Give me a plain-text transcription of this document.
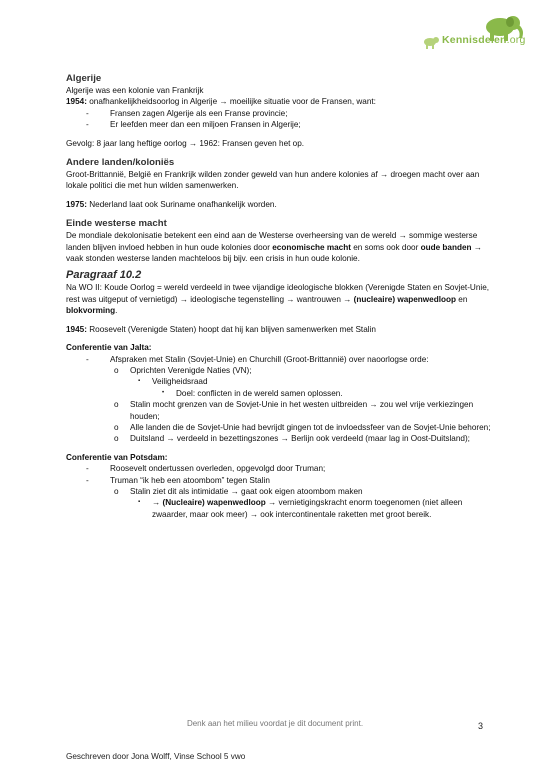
Kennisdelen.org

Algerije

Algerije was een kolonie van Frankrijk

1954: onafhankelijkheidsoorlog in Algerije → moeilijke situatie voor de Fransen, want:

-	Fransen zagen Algerije als een Franse provincie;

-	Er leefden meer dan een miljoen Fransen in Algerije;

Gevolg: 8 jaar lang heftige oorlog → 1962: Fransen geven het op.

Andere landen/koloniës

Groot-Brittannië, België en Frankrijk wilden zonder geweld van hun andere kolonies af → droegen macht over aan lokale politici die met hun wilden samenwerken.

1975: Nederland laat ook Suriname onafhankelijk worden.

Einde westerse macht

De mondiale dekolonisatie betekent een eind aan de Westerse overheersing van de wereld → sommige westerse landen blijven invloed hebben in hun oude kolonies door economische macht en soms ook door oude banden → vaak stonden westerse landen machteloos bij bijv. een crisis in hun oude kolonie.

Paragraaf 10.2

Na WO II: Koude Oorlog = wereld verdeeld in twee vijandige ideologische blokken (Verenigde Staten en Sovjet-Unie, rest was uitgeput of vernietigd) → ideologische tegenstelling → wantrouwen → (nucleaire) wapenwedloop en blokvorming.

1945: Roosevelt (Verenigde Staten) hoopt dat hij kan blijven samenwerken met Stalin

Conferentie van Jalta:

-	Afspraken met Stalin (Sovjet-Unie) en Churchill (Groot-Brittannië) over naoorlogse orde:

o Oprichten Verenigde Naties (VN);

▪ Veiligheidsraad

• Doel: conflicten in de wereld samen oplossen.

o Stalin mocht grenzen van de Sovjet-Unie in het westen uitbreiden → zou wel vrije verkiezingen houden;

o Alle landen die de Sovjet-Unie had bevrijdt gingen tot de invloedssfeer van de Sovjet-Unie behoren;

o Duitsland → verdeeld in bezettingszones → Berlijn ook verdeeld (maar lag in Oost-Duitsland);

Conferentie van Potsdam:

-	Roosevelt ondertussen overleden, opgevolgd door Truman;

-	Truman “ik heb een atoombom” tegen Stalin

o Stalin ziet dit als intimidatie → gaat ook eigen atoombom maken

▪ → (Nucleaire) wapenwedloop → vernietigingskracht enorm toegenomen (niet alleen zwaarder, maar ook meer) → ook intercontinentale raketten met groot bereik.

Denk aan het milieu voordat je dit document print.	3
Geschreven door Jona Wolff, Vinse School 5 vwo
